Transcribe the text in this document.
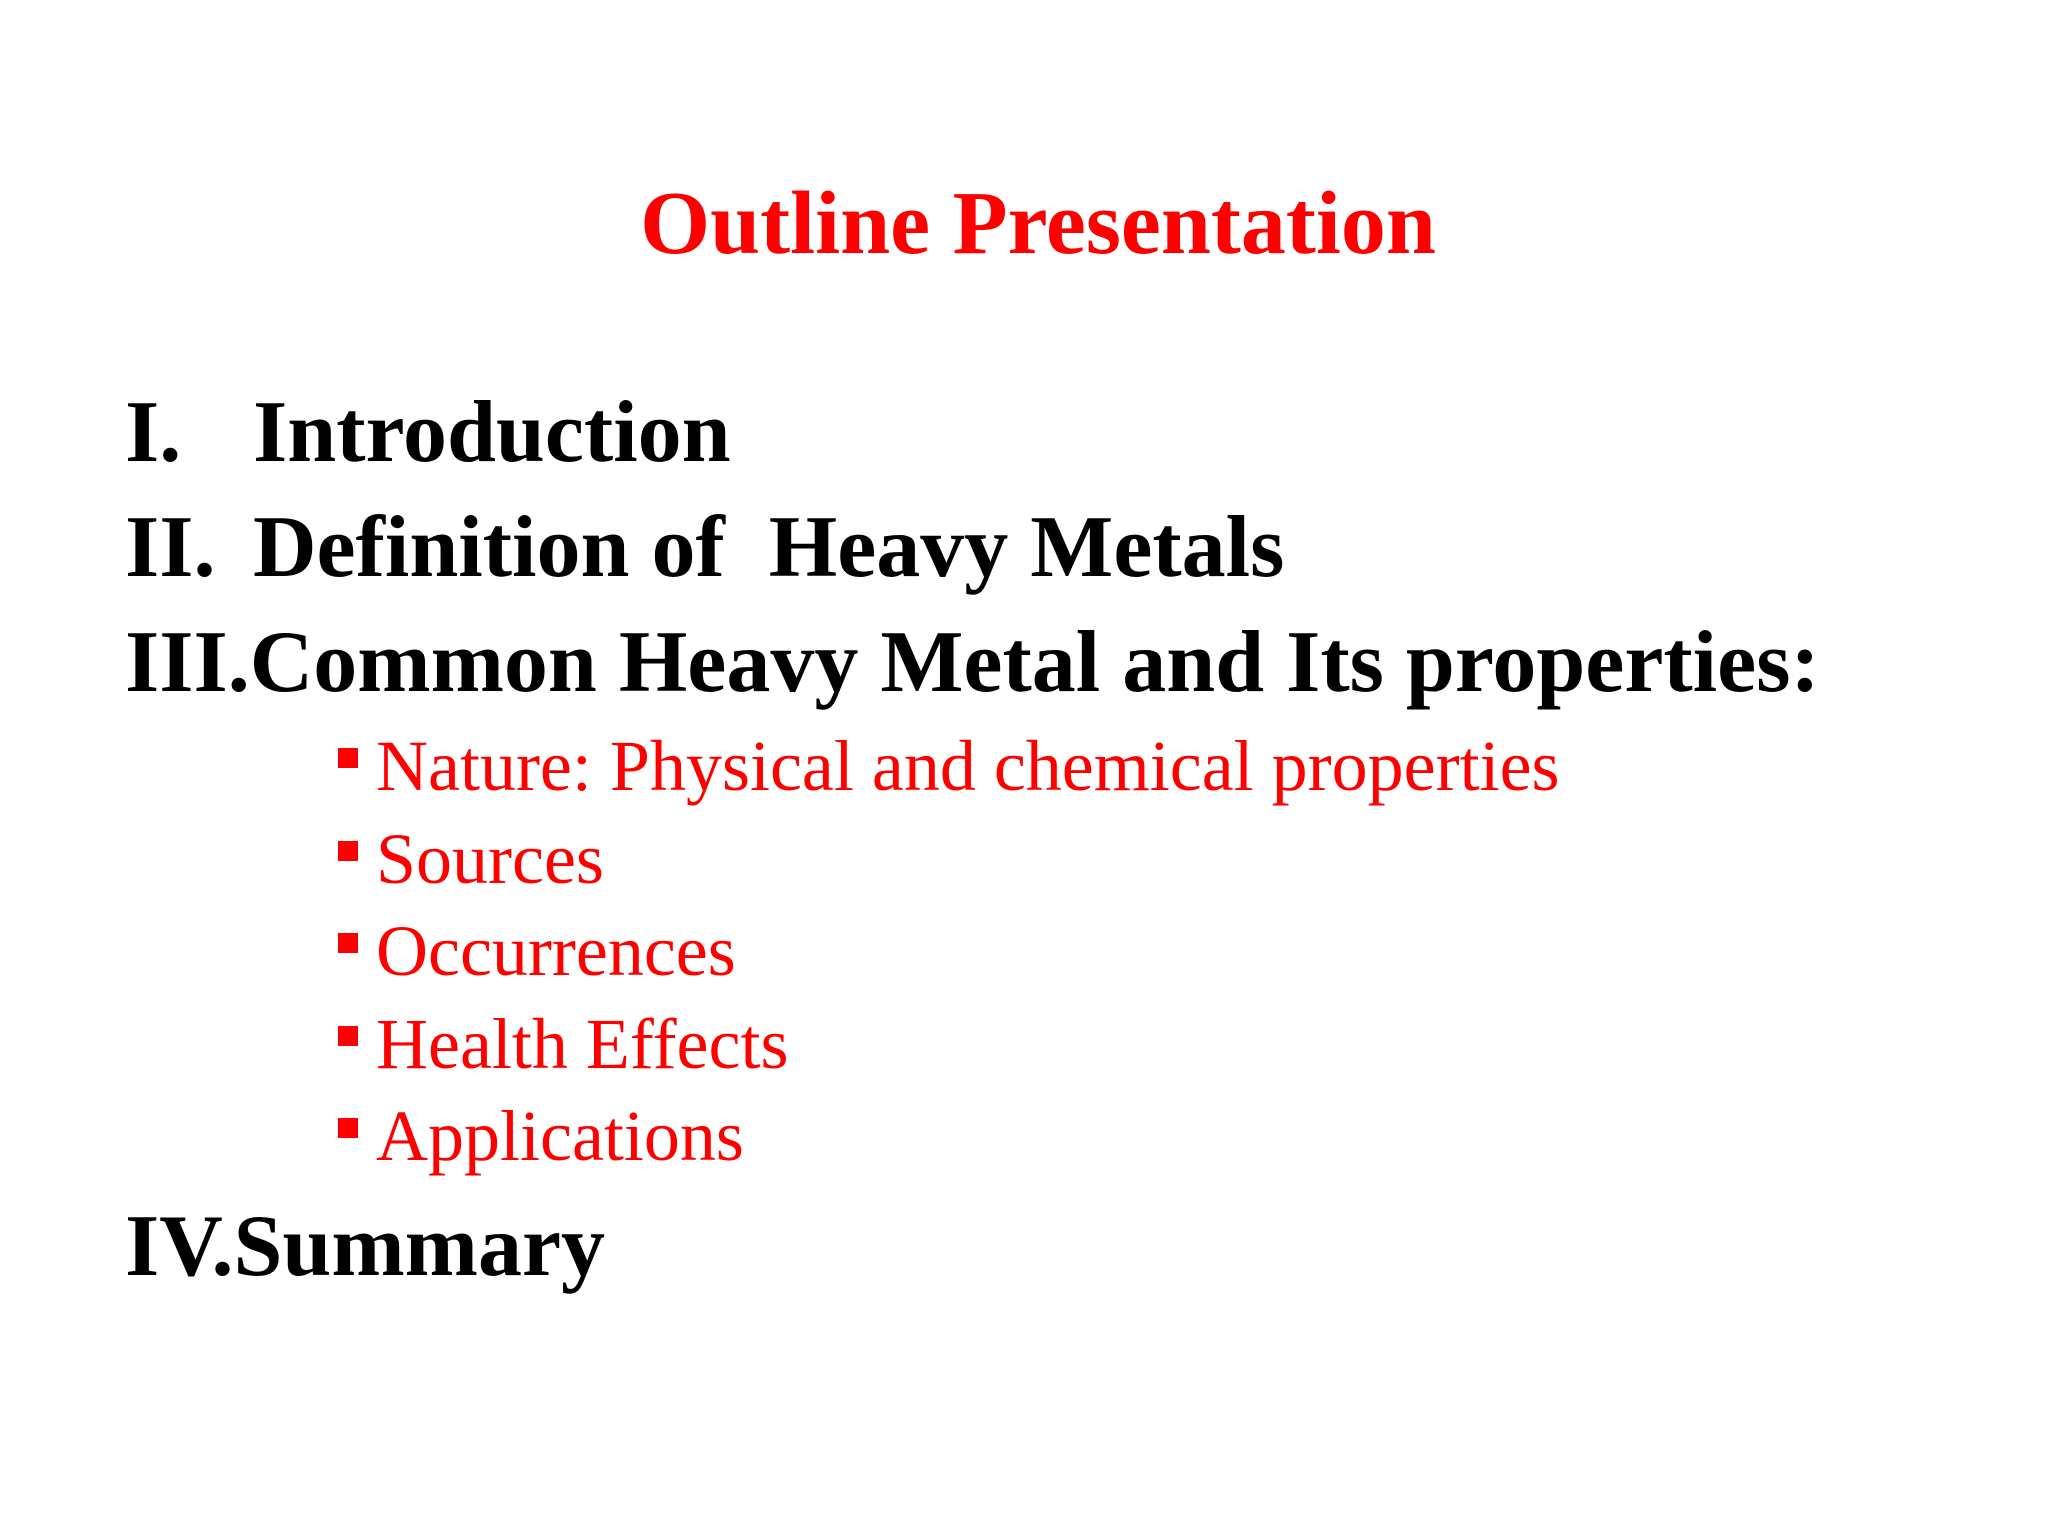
Outline Presentation
I. Introduction
II. Definition of  Heavy Metals
III. Common Heavy Metal and Its properties:
Nature: Physical and chemical properties
Sources
Occurrences
Health Effects
Applications
IV. Summary
